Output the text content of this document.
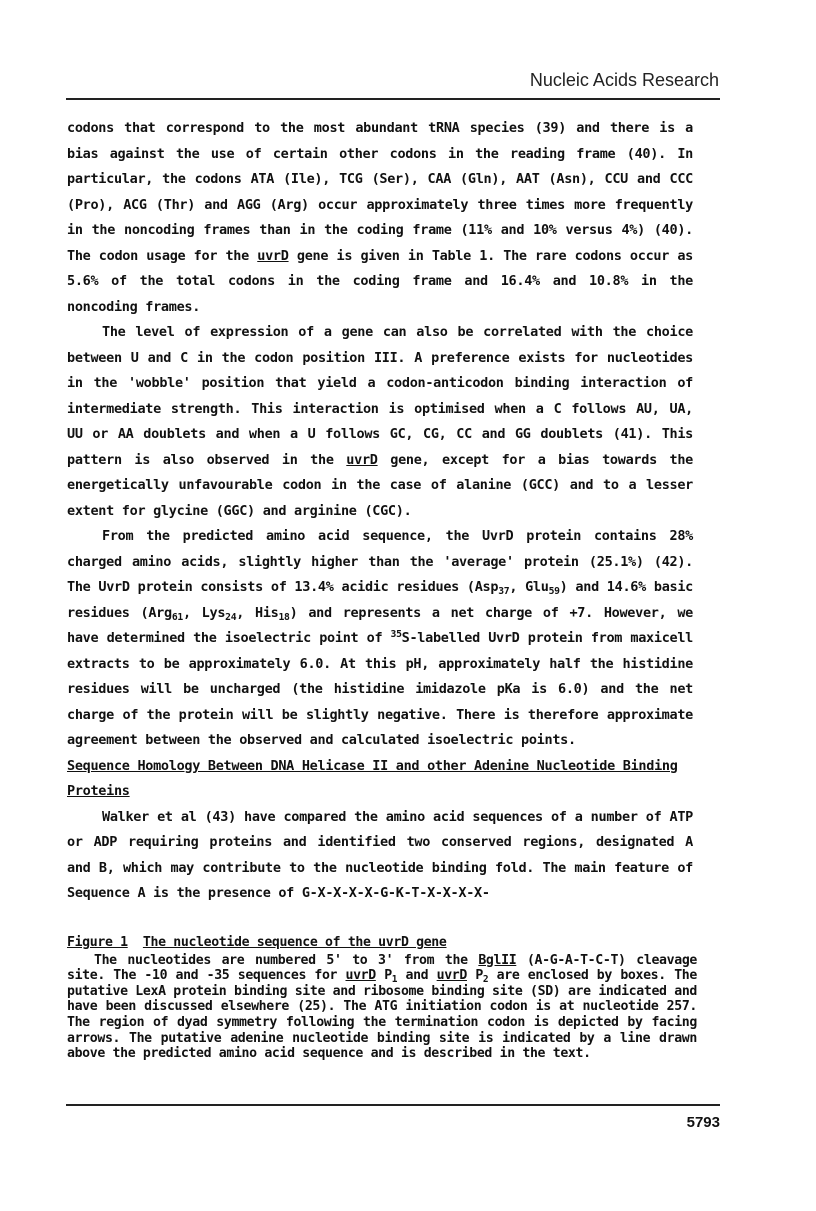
Nucleic Acids Research

codons that correspond to the most abundant tRNA species (39) and there is a bias against the use of certain other codons in the reading frame (40). In particular, the codons ATA (Ile), TCG (Ser), CAA (Gln), AAT (Asn), CCU and CCC (Pro), ACG (Thr) and AGG (Arg) occur approximately three times more frequently in the noncoding frames than in the coding frame (11% and 10% versus 4%) (40). The codon usage for the uvrD gene is given in Table 1. The rare codons occur as 5.6% of the total codons in the coding frame and 16.4% and 10.8% in the noncoding frames.

The level of expression of a gene can also be correlated with the choice between U and C in the codon position III. A preference exists for nucleotides in the 'wobble' position that yield a codon-anticodon binding interaction of intermediate strength. This interaction is optimised when a C follows AU, UA, UU or AA doublets and when a U follows GC, CG, CC and GG doublets (41). This pattern is also observed in the uvrD gene, except for a bias towards the energetically unfavourable codon in the case of alanine (GCC) and to a lesser extent for glycine (GGC) and arginine (CGC).

From the predicted amino acid sequence, the UvrD protein contains 28% charged amino acids, slightly higher than the 'average' protein (25.1%) (42). The UvrD protein consists of 13.4% acidic residues (Asp$_{37}$, Glu$_{59}$) and 14.6% basic residues (Arg$_{61}$, Lys$_{24}$, His$_{18}$) and represents a net charge of +7. However, we have determined the isoelectric point of $^{35}$S-labelled UvrD protein from maxicell extracts to be approximately 6.0. At this pH, approximately half the histidine residues will be uncharged (the histidine imidazole pKa is 6.0) and the net charge of the protein will be slightly negative. There is therefore approximate agreement between the observed and calculated isoelectric points.

Sequence Homology Between DNA Helicase II and other Adenine Nucleotide Binding Proteins

Walker et al (43) have compared the amino acid sequences of a number of ATP or ADP requiring proteins and identified two conserved regions, designated A and B, which may contribute to the nucleotide binding fold. The main feature of Sequence A is the presence of G-X-X-X-X-G-K-T-X-X-X-X-

Figure 1 The nucleotide sequence of the uvrD gene

The nucleotides are numbered 5' to 3' from the BglII (A-G-A-T-C-T) cleavage site. The -10 and -35 sequences for uvrD $P_1$ and uvrD $P_2$ are enclosed by boxes. The putative LexA protein binding site and ribosome binding site (SD) are indicated and have been discussed elsewhere (25). The ATG initiation codon is at nucleotide 257. The region of dyad symmetry following the termination codon is depicted by facing arrows. The putative adenine nucleotide binding site is indicated by a line drawn above the predicted amino acid sequence and is described in the text.

5793
